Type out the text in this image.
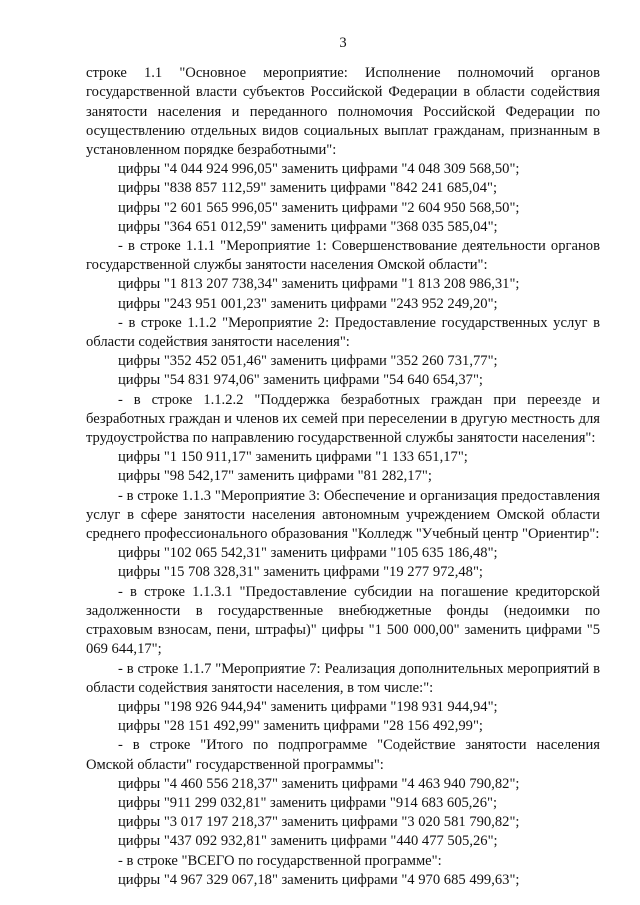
3

строке 1.1 "Основное мероприятие: Исполнение полномочий органов государственной власти субъектов Российской Федерации в области содействия занятости населения и переданного полномочия Российской Федерации по осуществлению отдельных видов социальных выплат гражданам, признанным в установленном порядке безработными":

цифры "4 044 924 996,05" заменить цифрами "4 048 309 568,50";

цифры "838 857 112,59" заменить цифрами "842 241 685,04";

цифры "2 601 565 996,05" заменить цифрами "2 604 950 568,50";

цифры "364 651 012,59" заменить цифрами "368 035 585,04";

- в строке 1.1.1 "Мероприятие 1: Совершенствование деятельности органов государственной службы занятости населения Омской области":

цифры "1 813 207 738,34" заменить цифрами "1 813 208 986,31";

цифры "243 951 001,23" заменить цифрами "243 952 249,20";

- в строке 1.1.2 "Мероприятие 2: Предоставление государственных услуг в области содействия занятости населения":

цифры "352 452 051,46" заменить цифрами "352 260 731,77";

цифры "54 831 974,06" заменить цифрами "54 640 654,37";

- в строке 1.1.2.2 "Поддержка безработных граждан при переезде и безработных граждан и членов их семей при переселении в другую местность для трудоустройства по направлению государственной службы занятости населения":

цифры "1 150 911,17" заменить цифрами "1 133 651,17";

цифры "98 542,17" заменить цифрами "81 282,17";

- в строке 1.1.3 "Мероприятие 3: Обеспечение и организация предоставления услуг в сфере занятости населения автономным учреждением Омской области среднего профессионального образования "Колледж "Учебный центр "Ориентир":

цифры "102 065 542,31" заменить цифрами "105 635 186,48";

цифры "15 708 328,31" заменить цифрами "19 277 972,48";

- в строке 1.1.3.1 "Предоставление субсидии на погашение кредиторской задолженности в государственные внебюджетные фонды (недоимки по страховым взносам, пени, штрафы)" цифры "1 500 000,00" заменить цифрами "5 069 644,17";

- в строке 1.1.7 "Мероприятие 7: Реализация дополнительных мероприятий в области содействия занятости населения, в том числе:":

цифры "198 926 944,94" заменить цифрами "198 931 944,94";

цифры "28 151 492,99" заменить цифрами "28 156 492,99";

- в строке "Итого по подпрограмме "Содействие занятости населения Омской области" государственной программы":

цифры "4 460 556 218,37" заменить цифрами "4 463 940 790,82";

цифры "911 299 032,81" заменить цифрами "914 683 605,26";

цифры "3 017 197 218,37" заменить цифрами "3 020 581 790,82";

цифры "437 092 932,81" заменить цифрами "440 477 505,26";

- в строке "ВСЕГО по государственной программе":

цифры "4 967 329 067,18" заменить цифрами "4 970 685 499,63";
